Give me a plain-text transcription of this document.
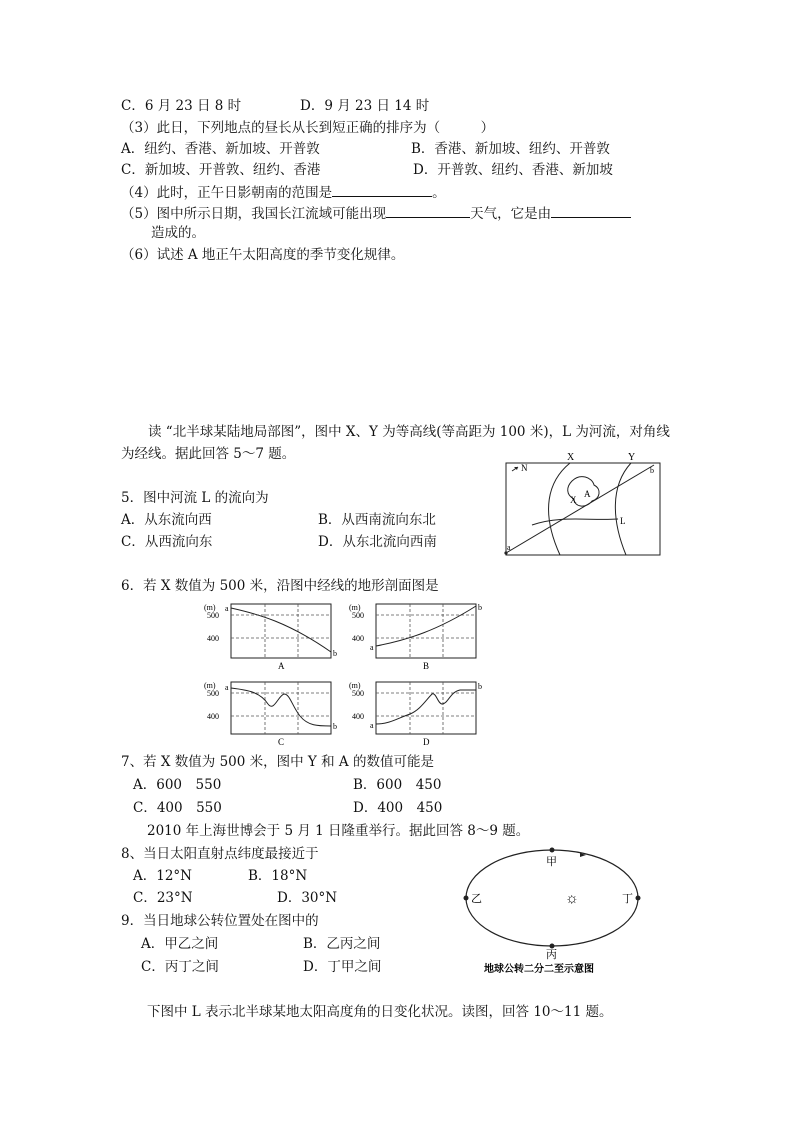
C．6 月 23 日 8 时	D．9 月 23 日 14 时
（3）此日，下列地点的昼长从长到短正确的排序为（　　　）
A．纽约、香港、新加坡、开普敦	B．香港、新加坡、纽约、开普敦
C．新加坡、开普敦、纽约、香港	D．开普敦、纽约、香港、新加坡
（4）此时，正午日影朝南的范围是	。
（5）图中所示日期，我国长江流域可能出现	天气，它是由
造成的。
（6）试述 A 地正午太阳高度的季节变化规律。
读 “北半球某陆地局部图”，图中 X、Y 为等高线(等高距为 100 米)，L 为河流，对角线
为经线。据此回答 5～7 题。
N
X	Y
b
a
X
A
L
5．图中河流 L 的流向为
A．从东流向西	B．从西南流向东北
C．从西流向东	D．从东北流向西南
6．若 X 数值为 500 米，沿图中经线的地形剖面图是
(m) a
500
400
b
A
(m)
500
400
a
b
B
(m) a
500
400
b
C
(m)
500
400
a
b
D
7、若 X 数值为 500 米，图中 Y 和 A 的数值可能是
A．600　550	B．600　450
C．400　550	D．400　450
2010 年上海世博会于 5 月 1 日隆重举行。据此回答 8～9 题。
8、当日太阳直射点纬度最接近于
A．12°N	B．18°N
C．23°N	D．30°N
9．当日地球公转位置处在图中的
A．甲乙之间	B．乙丙之间
C．丙丁之间	D．丁甲之间
甲
乙
丙
丁
☼
地球公转二分二至示意图
下图中 L 表示北半球某地太阳高度角的日变化状况。读图，回答 10～11 题。
